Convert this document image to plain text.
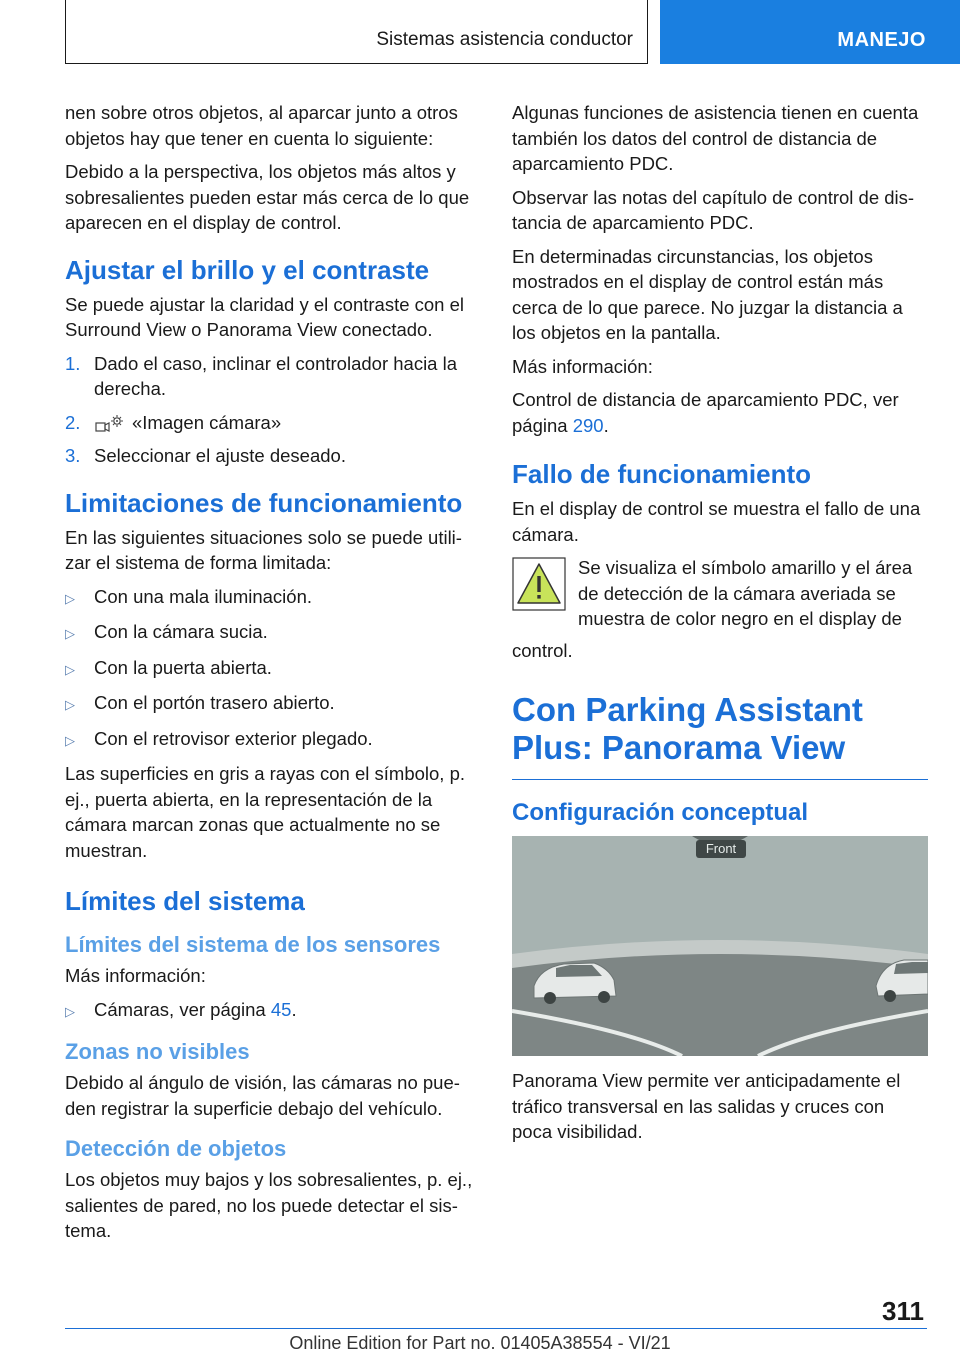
Sistemas asistencia conductor	MANEJO

nen sobre otros objetos, al aparcar junto a otros objetos hay que tener en cuenta lo siguiente:

Debido a la perspectiva, los objetos más altos y sobresalientes pueden estar más cerca de lo que aparecen en el display de control.

Ajustar el brillo y el contraste

Se puede ajustar la claridad y el contraste con el Surround View o Panorama View conectado.

1. Dado el caso, inclinar el controlador hacia la derecha.
2.	«Imagen cámara»
3. Seleccionar el ajuste deseado.
Limitaciones de funcionamiento

En las siguientes situaciones solo se puede utili‐zar el sistema de forma limitada:

▷	Con una mala iluminación.
▷	Con la cámara sucia.
▷	Con la puerta abierta.
▷	Con el portón trasero abierto.
▷	Con el retrovisor exterior plegado.

Las superficies en gris a rayas con el símbolo, p. ej., puerta abierta, en la representación de la cámara marcan zonas que actualmente no se muestran.

Límites del sistema
Límites del sistema de los sensores

Más información:

▷	Cámaras, ver página 45.
Zonas no visibles

Debido al ángulo de visión, las cámaras no pue‐den registrar la superficie debajo del vehículo.

Detección de objetos

Los objetos muy bajos y los sobresalientes, p. ej., salientes de pared, no los puede detectar el sis‐tema.

Algunas funciones de asistencia tienen en cuenta también los datos del control de distancia de aparcamiento PDC.

Observar las notas del capítulo de control de dis‐tancia de aparcamiento PDC.

En determinadas circunstancias, los objetos mostrados en el display de control están más cerca de lo que parece. No juzgar la distancia a los objetos en la pantalla.

Más información:

Control de distancia de aparcamiento PDC, ver página 290.

Fallo de funcionamiento

En el display de control se muestra el fallo de una cámara.

Se visualiza el símbolo amarillo y el área de detección de la cámara averiada se muestra de color negro en el display de

control.

Con Parking Assistant Plus: Panorama View
Configuración conceptual
Front

Panorama View permite ver anticipadamente el tráfico transversal en las salidas y cruces con poca visibilidad.

311
Online Edition for Part no. 01405A38554 - VI/21
